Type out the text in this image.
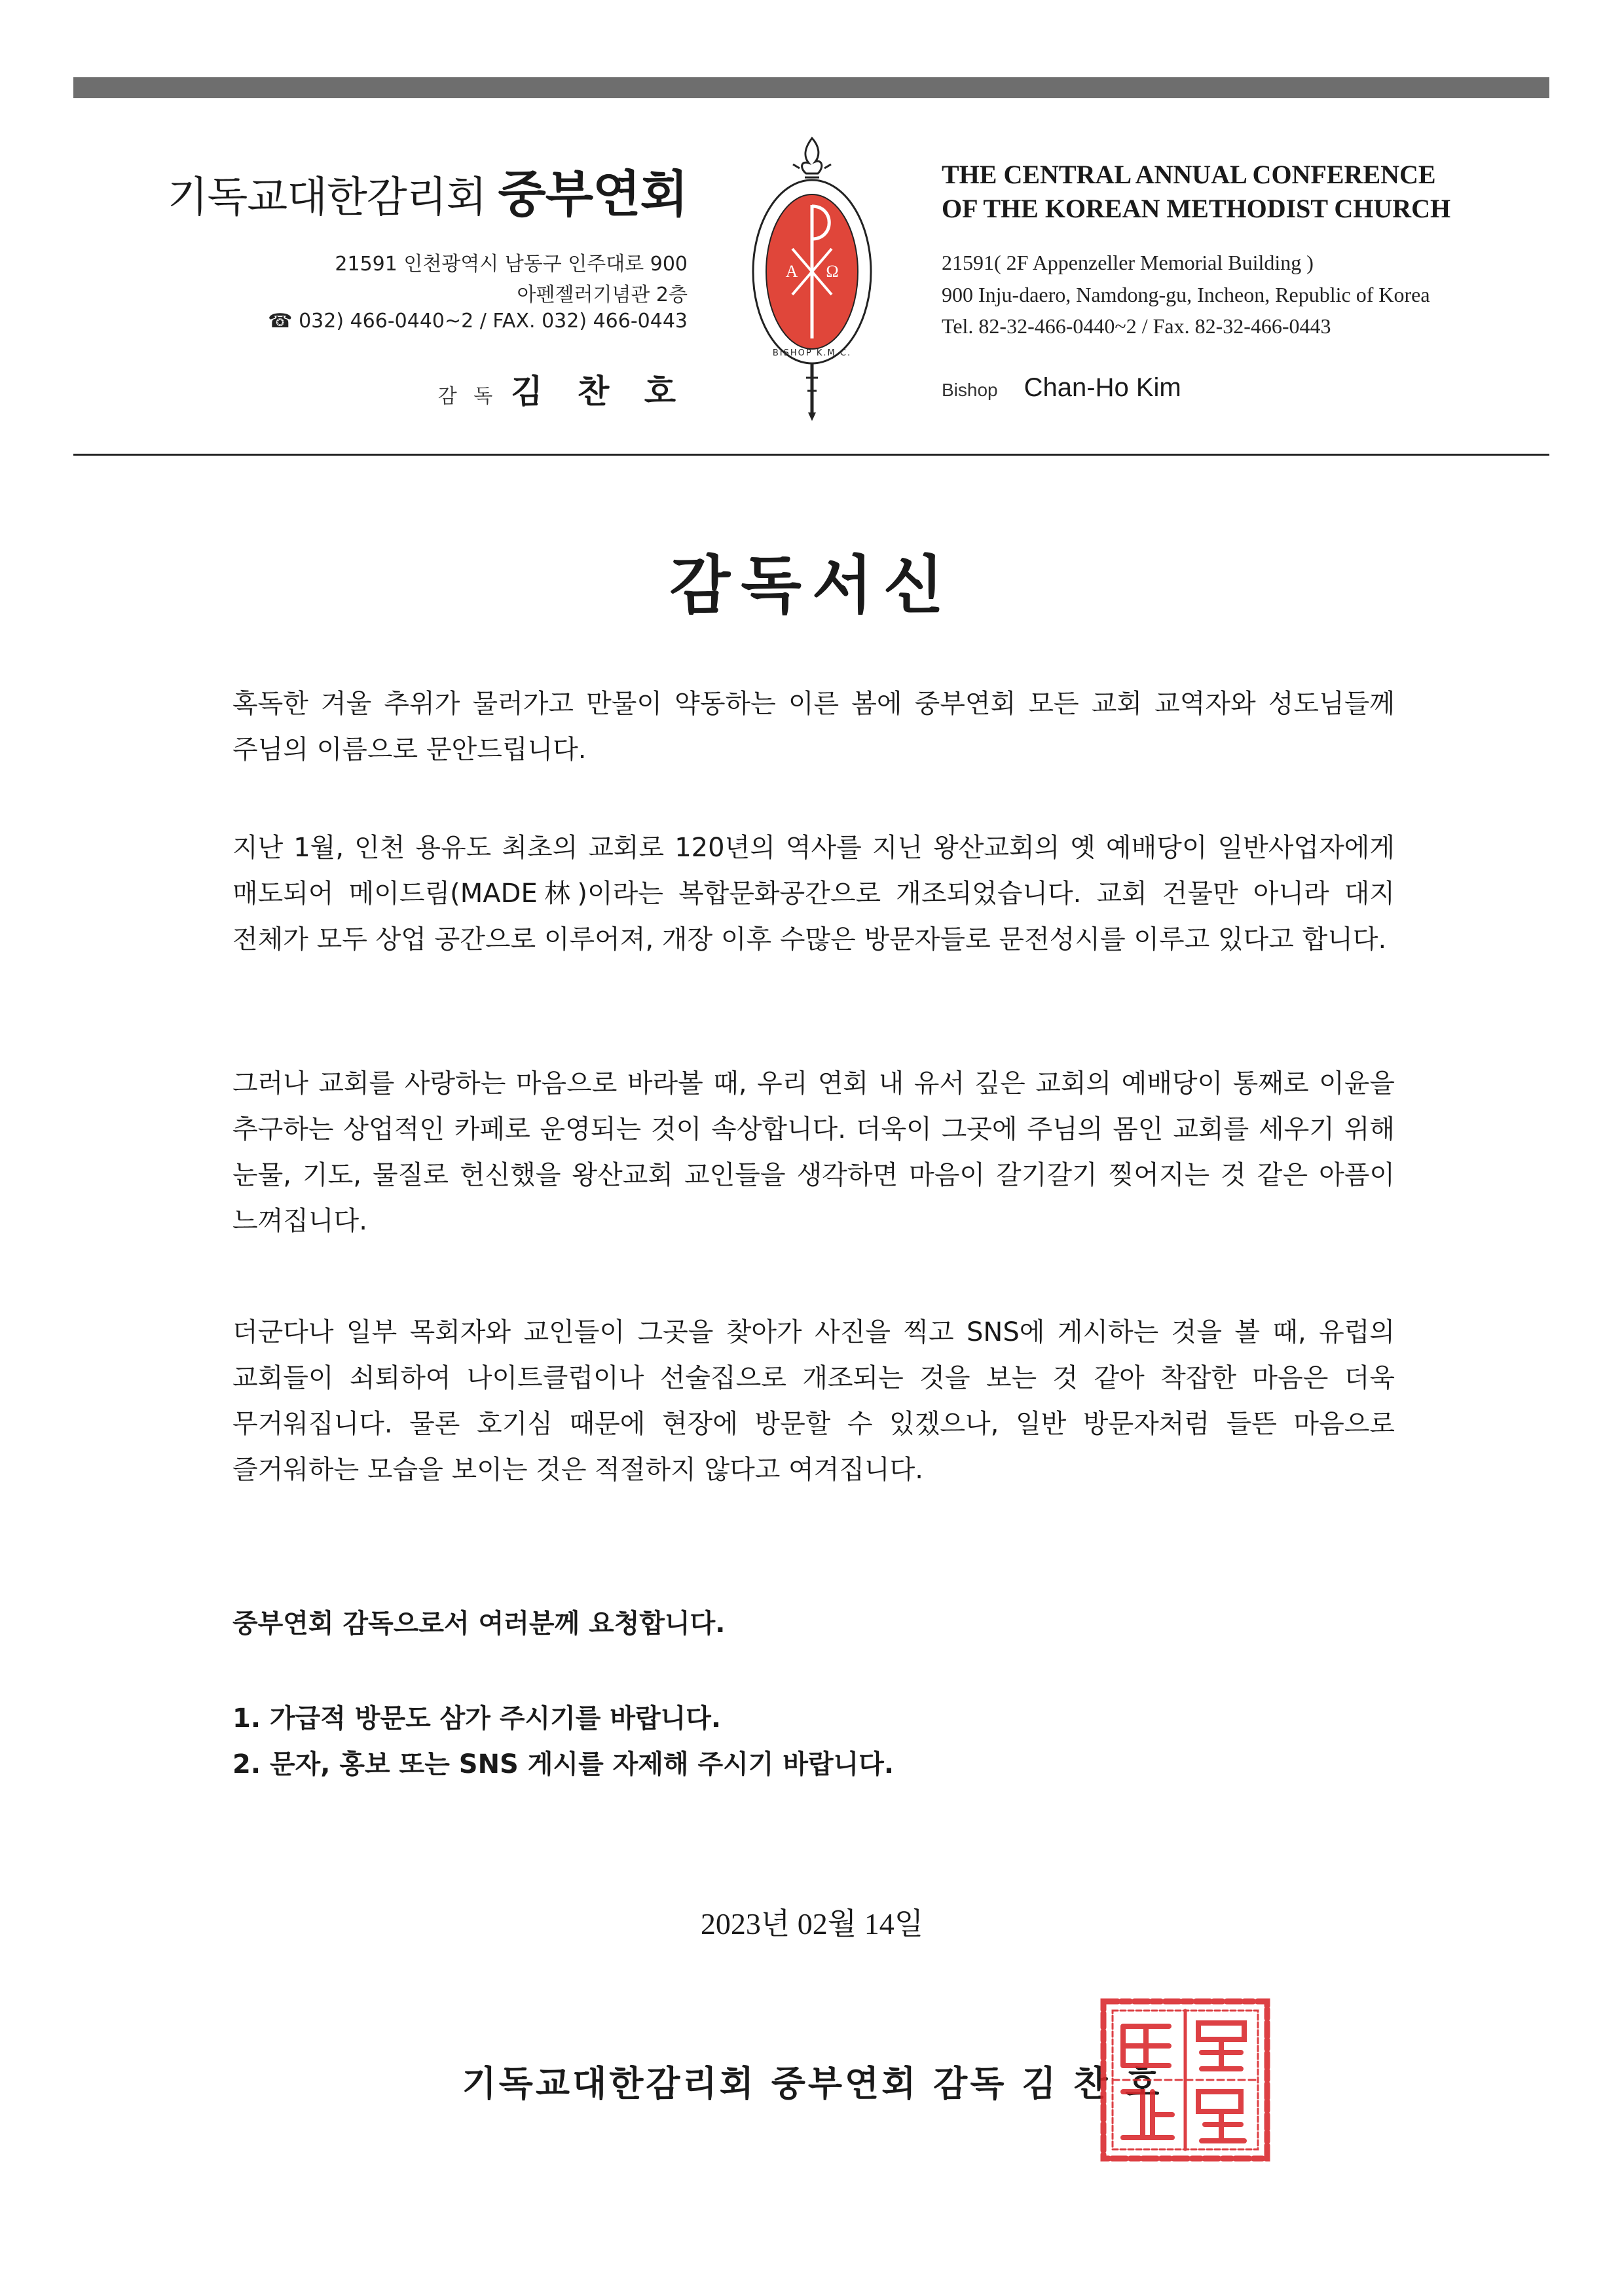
기독교대한감리회 중부연회
21591 인천광역시 남동구 인주대로 900
아펜젤러기념관 2층
☎ 032) 466-0440~2 / FAX. 032) 466-0443
감 독 김 찬 호
A Ω
BISHOP K.M.C.
THE CENTRAL ANNUAL CONFERENCE
OF THE KOREAN METHODIST CHURCH
21591( 2F Appenzeller Memorial Building )
900 Inju-daero, Namdong-gu, Incheon, Republic of Korea
Tel. 82-32-466-0440~2 / Fax. 82-32-466-0443
Bishop Chan-Ho Kim
감독서신

혹독한 겨울 추위가 물러가고 만물이 약동하는 이른 봄에 중부연회 모든 교회 교역자와 성도님들께 주님의 이름으로 문안드립니다.

지난 1월, 인천 용유도 최초의 교회로 120년의 역사를 지닌 왕산교회의 옛 예배당이 일반사업자에게 매도되어 메이드림(MADE林)이라는 복합문화공간으로 개조되었습니다. 교회 건물만 아니라 대지 전체가 모두 상업 공간으로 이루어져, 개장 이후 수많은 방문자들로 문전성시를 이루고 있다고 합니다.

그러나 교회를 사랑하는 마음으로 바라볼 때, 우리 연회 내 유서 깊은 교회의 예배당이 통째로 이윤을 추구하는 상업적인 카페로 운영되는 것이 속상합니다. 더욱이 그곳에 주님의 몸인 교회를 세우기 위해 눈물, 기도, 물질로 헌신했을 왕산교회 교인들을 생각하면 마음이 갈기갈기 찢어지는 것 같은 아픔이 느껴집니다.

더군다나 일부 목회자와 교인들이 그곳을 찾아가 사진을 찍고 SNS에 게시하는 것을 볼 때, 유럽의 교회들이 쇠퇴하여 나이트클럽이나 선술집으로 개조되는 것을 보는 것 같아 착잡한 마음은 더욱 무거워집니다. 물론 호기심 때문에 현장에 방문할 수 있겠으나, 일반 방문자처럼 들뜬 마음으로 즐거워하는 모습을 보이는 것은 적절하지 않다고 여겨집니다.

중부연회 감독으로서 여러분께 요청합니다.

1. 가급적 방문도 삼가 주시기를 바랍니다.

2. 문자, 홍보 또는 SNS 게시를 자제해 주시기 바랍니다.

2023년 02월 14일
기독교대한감리회 중부연회 감독 김 찬 호
